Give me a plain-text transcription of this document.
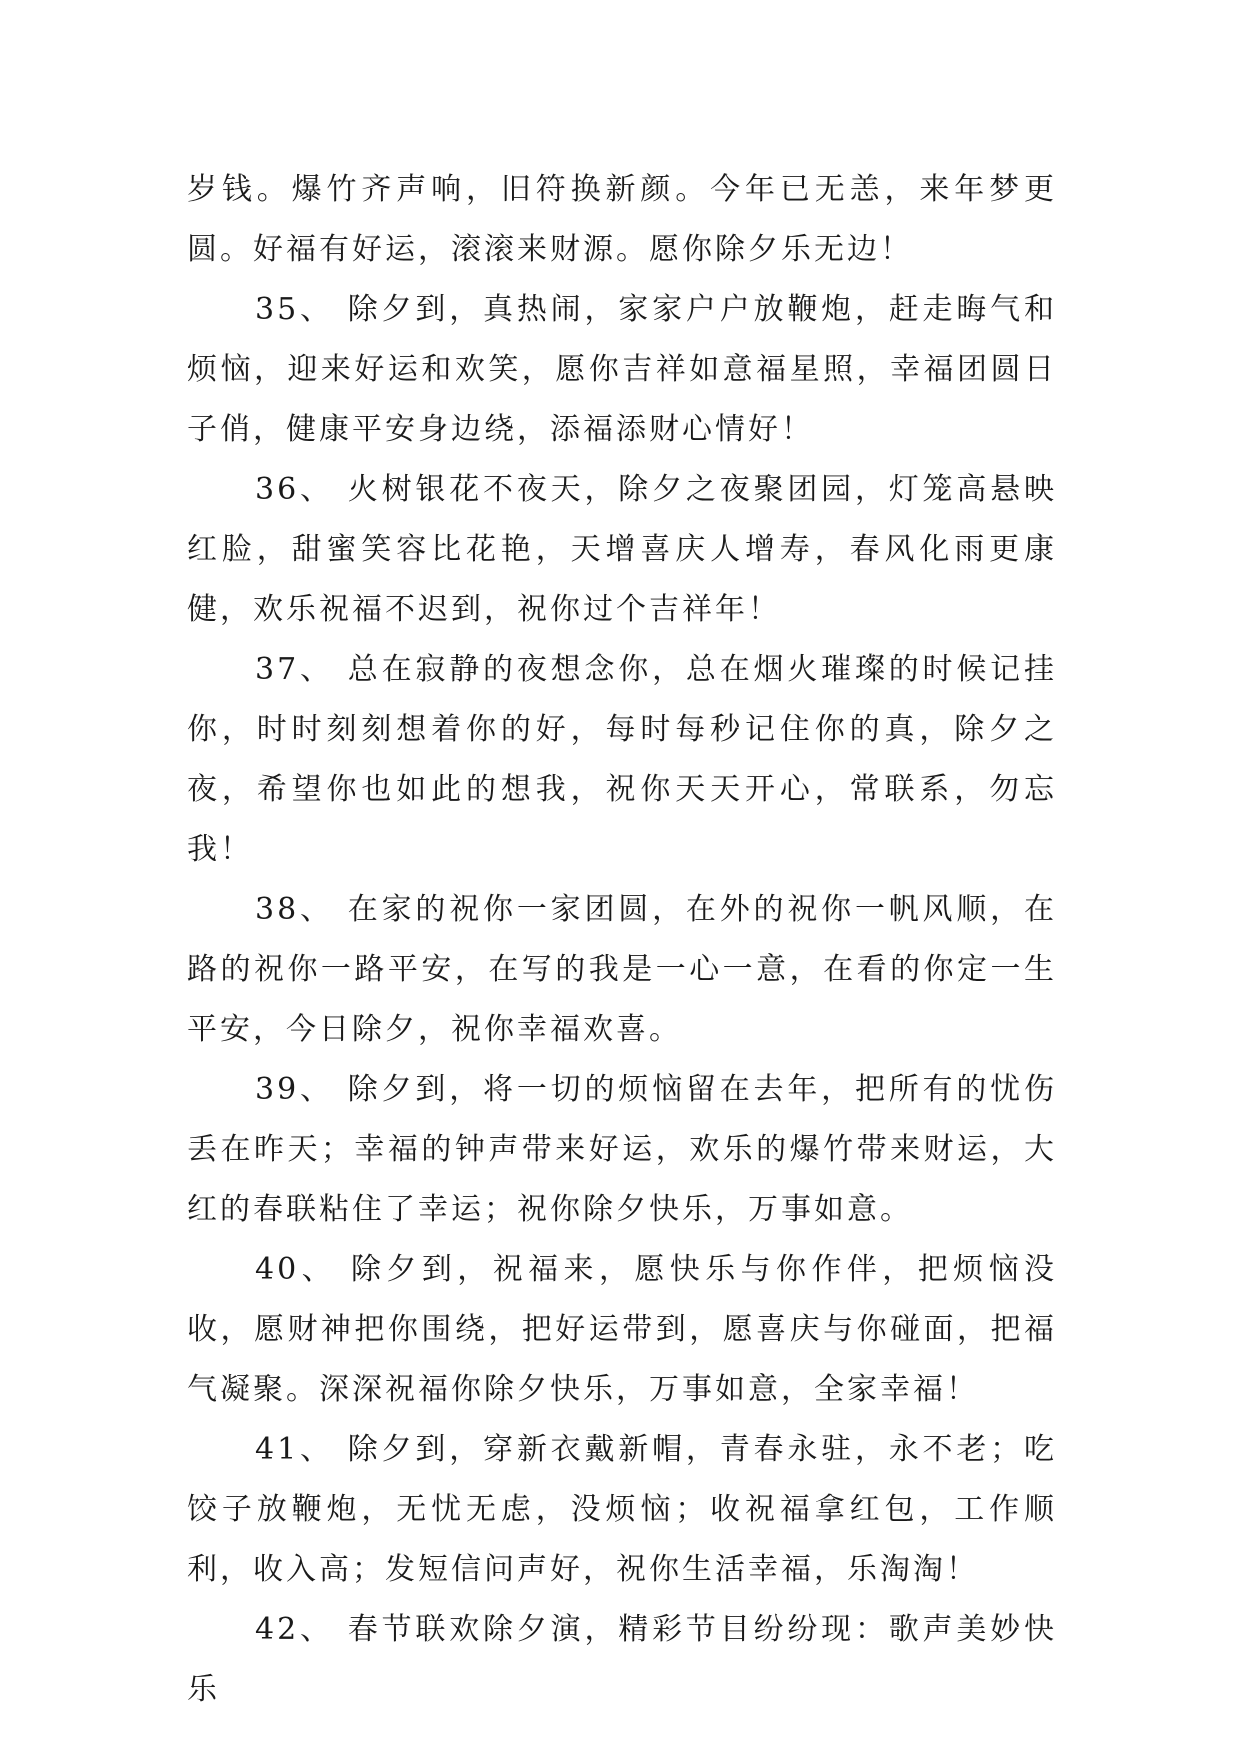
岁钱。爆竹齐声响，旧符换新颜。今年已无恙，来年梦更圆。好福有好运，滚滚来财源。愿你除夕乐无边！

35、 除夕到，真热闹，家家户户放鞭炮，赶走晦气和烦恼，迎来好运和欢笑，愿你吉祥如意福星照，幸福团圆日子俏，健康平安身边绕，添福添财心情好！

36、 火树银花不夜天，除夕之夜聚团园，灯笼高悬映红脸，甜蜜笑容比花艳，天增喜庆人增寿，春风化雨更康健，欢乐祝福不迟到，祝你过个吉祥年！

37、 总在寂静的夜想念你，总在烟火璀璨的时候记挂你，时时刻刻想着你的好，每时每秒记住你的真，除夕之夜，希望你也如此的想我，祝你天天开心，常联系，勿忘我！

38、 在家的祝你一家团圆，在外的祝你一帆风顺，在路的祝你一路平安，在写的我是一心一意，在看的你定一生平安，今日除夕，祝你幸福欢喜。

39、 除夕到，将一切的烦恼留在去年，把所有的忧伤丢在昨天；幸福的钟声带来好运，欢乐的爆竹带来财运，大红的春联粘住了幸运；祝你除夕快乐，万事如意。

40、 除夕到，祝福来，愿快乐与你作伴，把烦恼没收，愿财神把你围绕，把好运带到，愿喜庆与你碰面，把福气凝聚。深深祝福你除夕快乐，万事如意，全家幸福！

41、 除夕到，穿新衣戴新帽，青春永驻，永不老；吃饺子放鞭炮，无忧无虑，没烦恼；收祝福拿红包，工作顺利，收入高；发短信问声好，祝你生活幸福，乐淘淘！

42、 春节联欢除夕演，精彩节目纷纷现：歌声美妙快乐
